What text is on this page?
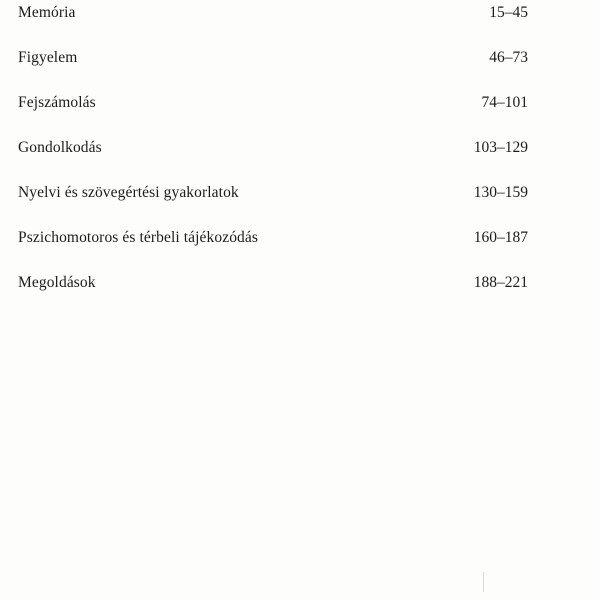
Memória	15–45
Figyelem	46–73
Fejszámolás	74–101
Gondolkodás	103–129
Nyelvi és szövegértési gyakorlatok	130–159
Pszichomotoros és térbeli tájékozódás	160–187
Megoldások	188–221
